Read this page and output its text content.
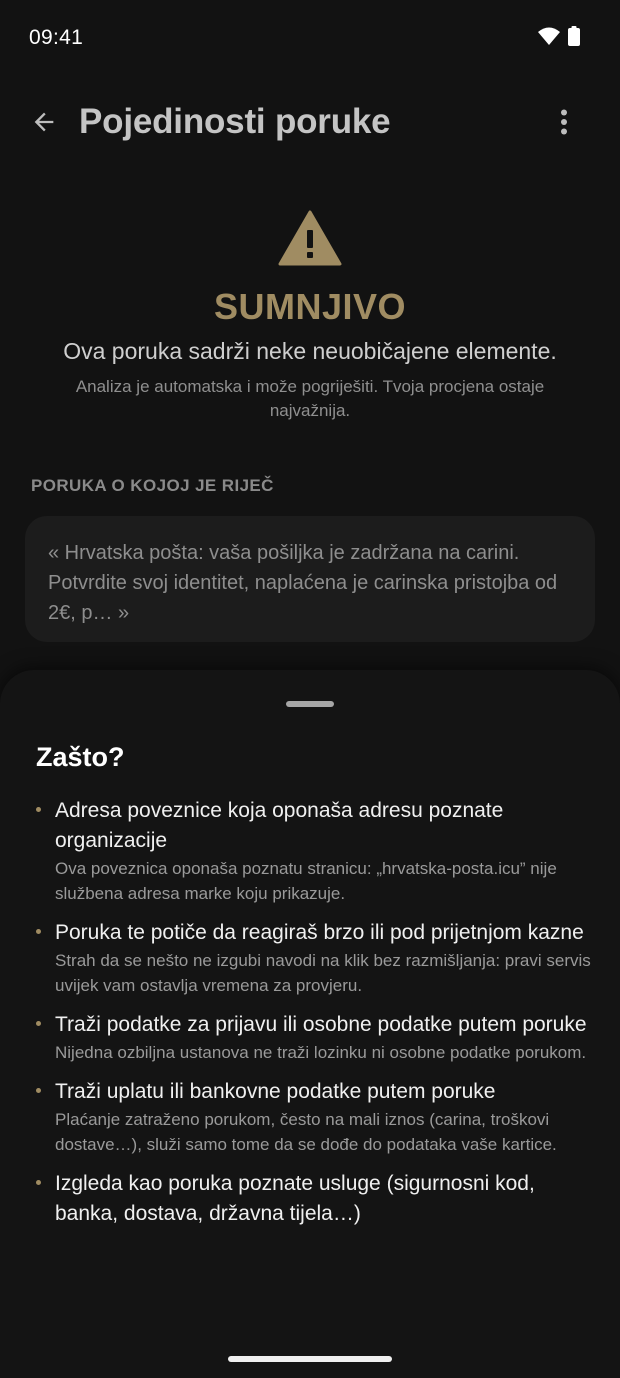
09:41
Pojedinosti poruke
SUMNJIVO
Ova poruka sadrži neke neuobičajene elemente.
Analiza je automatska i može pogriješiti. Tvoja procjena ostaje najvažnija.
PORUKA O KOJOJ JE RIJEČ

« Hrvatska pošta: vaša pošiljka je zadržana na carini. Potvrdite svoj identitet, naplaćena je carinska pristojba od 2€, p… »

Zašto?
Adresa poveznice koja oponaša adresu poznate organizacije
Ova poveznica oponaša poznatu stranicu: „hrvatska-posta.icu” nije službena adresa marke koju prikazuje.
Poruka te potiče da reagiraš brzo ili pod prijetnjom kazne
Strah da se nešto ne izgubi navodi na klik bez razmišljanja: pravi servis uvijek vam ostavlja vremena za provjeru.
Traži podatke za prijavu ili osobne podatke putem poruke
Nijedna ozbiljna ustanova ne traži lozinku ni osobne podatke porukom.
Traži uplatu ili bankovne podatke putem poruke
Plaćanje zatraženo porukom, često na mali iznos (carina, troškovi dostave…), služi samo tome da se dođe do podataka vaše kartice.
Izgleda kao poruka poznate usluge (sigurnosni kod, banka, dostava, državna tijela…)
